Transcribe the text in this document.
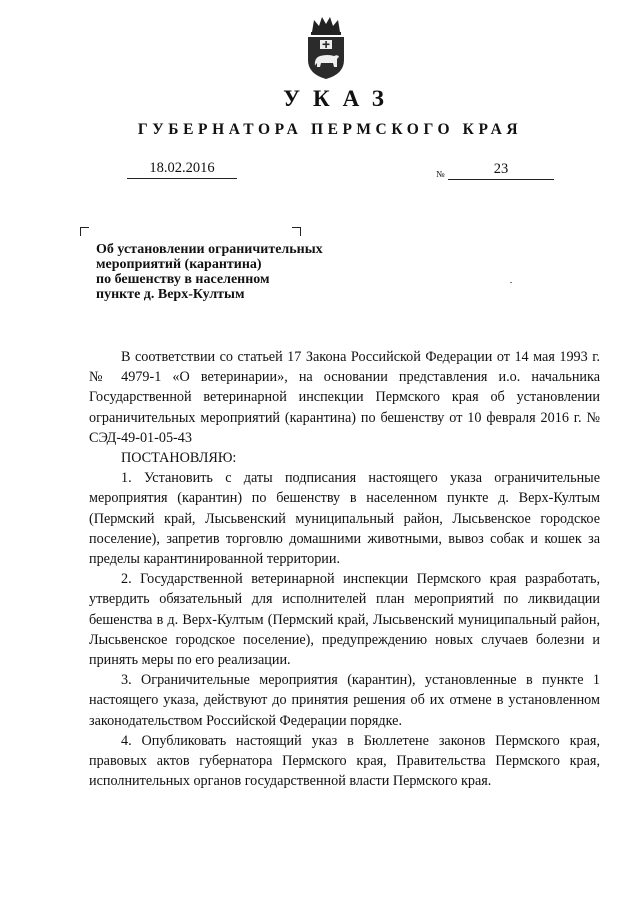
УКАЗ
ГУБЕРНАТОРА ПЕРМСКОГО КРАЯ
18.02.2016	№	23
Об установлении ограничительных
мероприятий (карантина)
по бешенству в населенном
пункте д. Верх-Култым

В соответствии со статьей 17 Закона Российской Федерации от 14 мая 1993 г. № 4979-1 «О ветеринарии», на основании представления и.о. начальника Государственной ветеринарной инспекции Пермского края об установлении ограничительных мероприятий (карантина) по бешенству от 10 февраля 2016 г. № СЭД-49-01-05-43

ПОСТАНОВЛЯЮ:

1. Установить с даты подписания настоящего указа ограничительные мероприятия (карантин) по бешенству в населенном пункте д. Верх-Култым (Пермский край, Лысьвенский муниципальный район, Лысьвенское городское поселение), запретив торговлю домашними животными, вывоз собак и кошек за пределы карантинированной территории.

2. Государственной ветеринарной инспекции Пермского края разработать, утвердить обязательный для исполнителей план мероприятий по ликвидации бешенства в д. Верх-Култым (Пермский край, Лысьвенский муниципальный район, Лысьвенское городское поселение), предупреждению новых случаев болезни и принять меры по его реализации.

3. Ограничительные мероприятия (карантин), установленные в пункте 1 настоящего указа, действуют до принятия решения об их отмене в установленном законодательством Российской Федерации порядке.

4. Опубликовать настоящий указ в Бюллетене законов Пермского края, правовых актов губернатора Пермского края, Правительства Пермского края, исполнительных органов государственной власти Пермского края.
